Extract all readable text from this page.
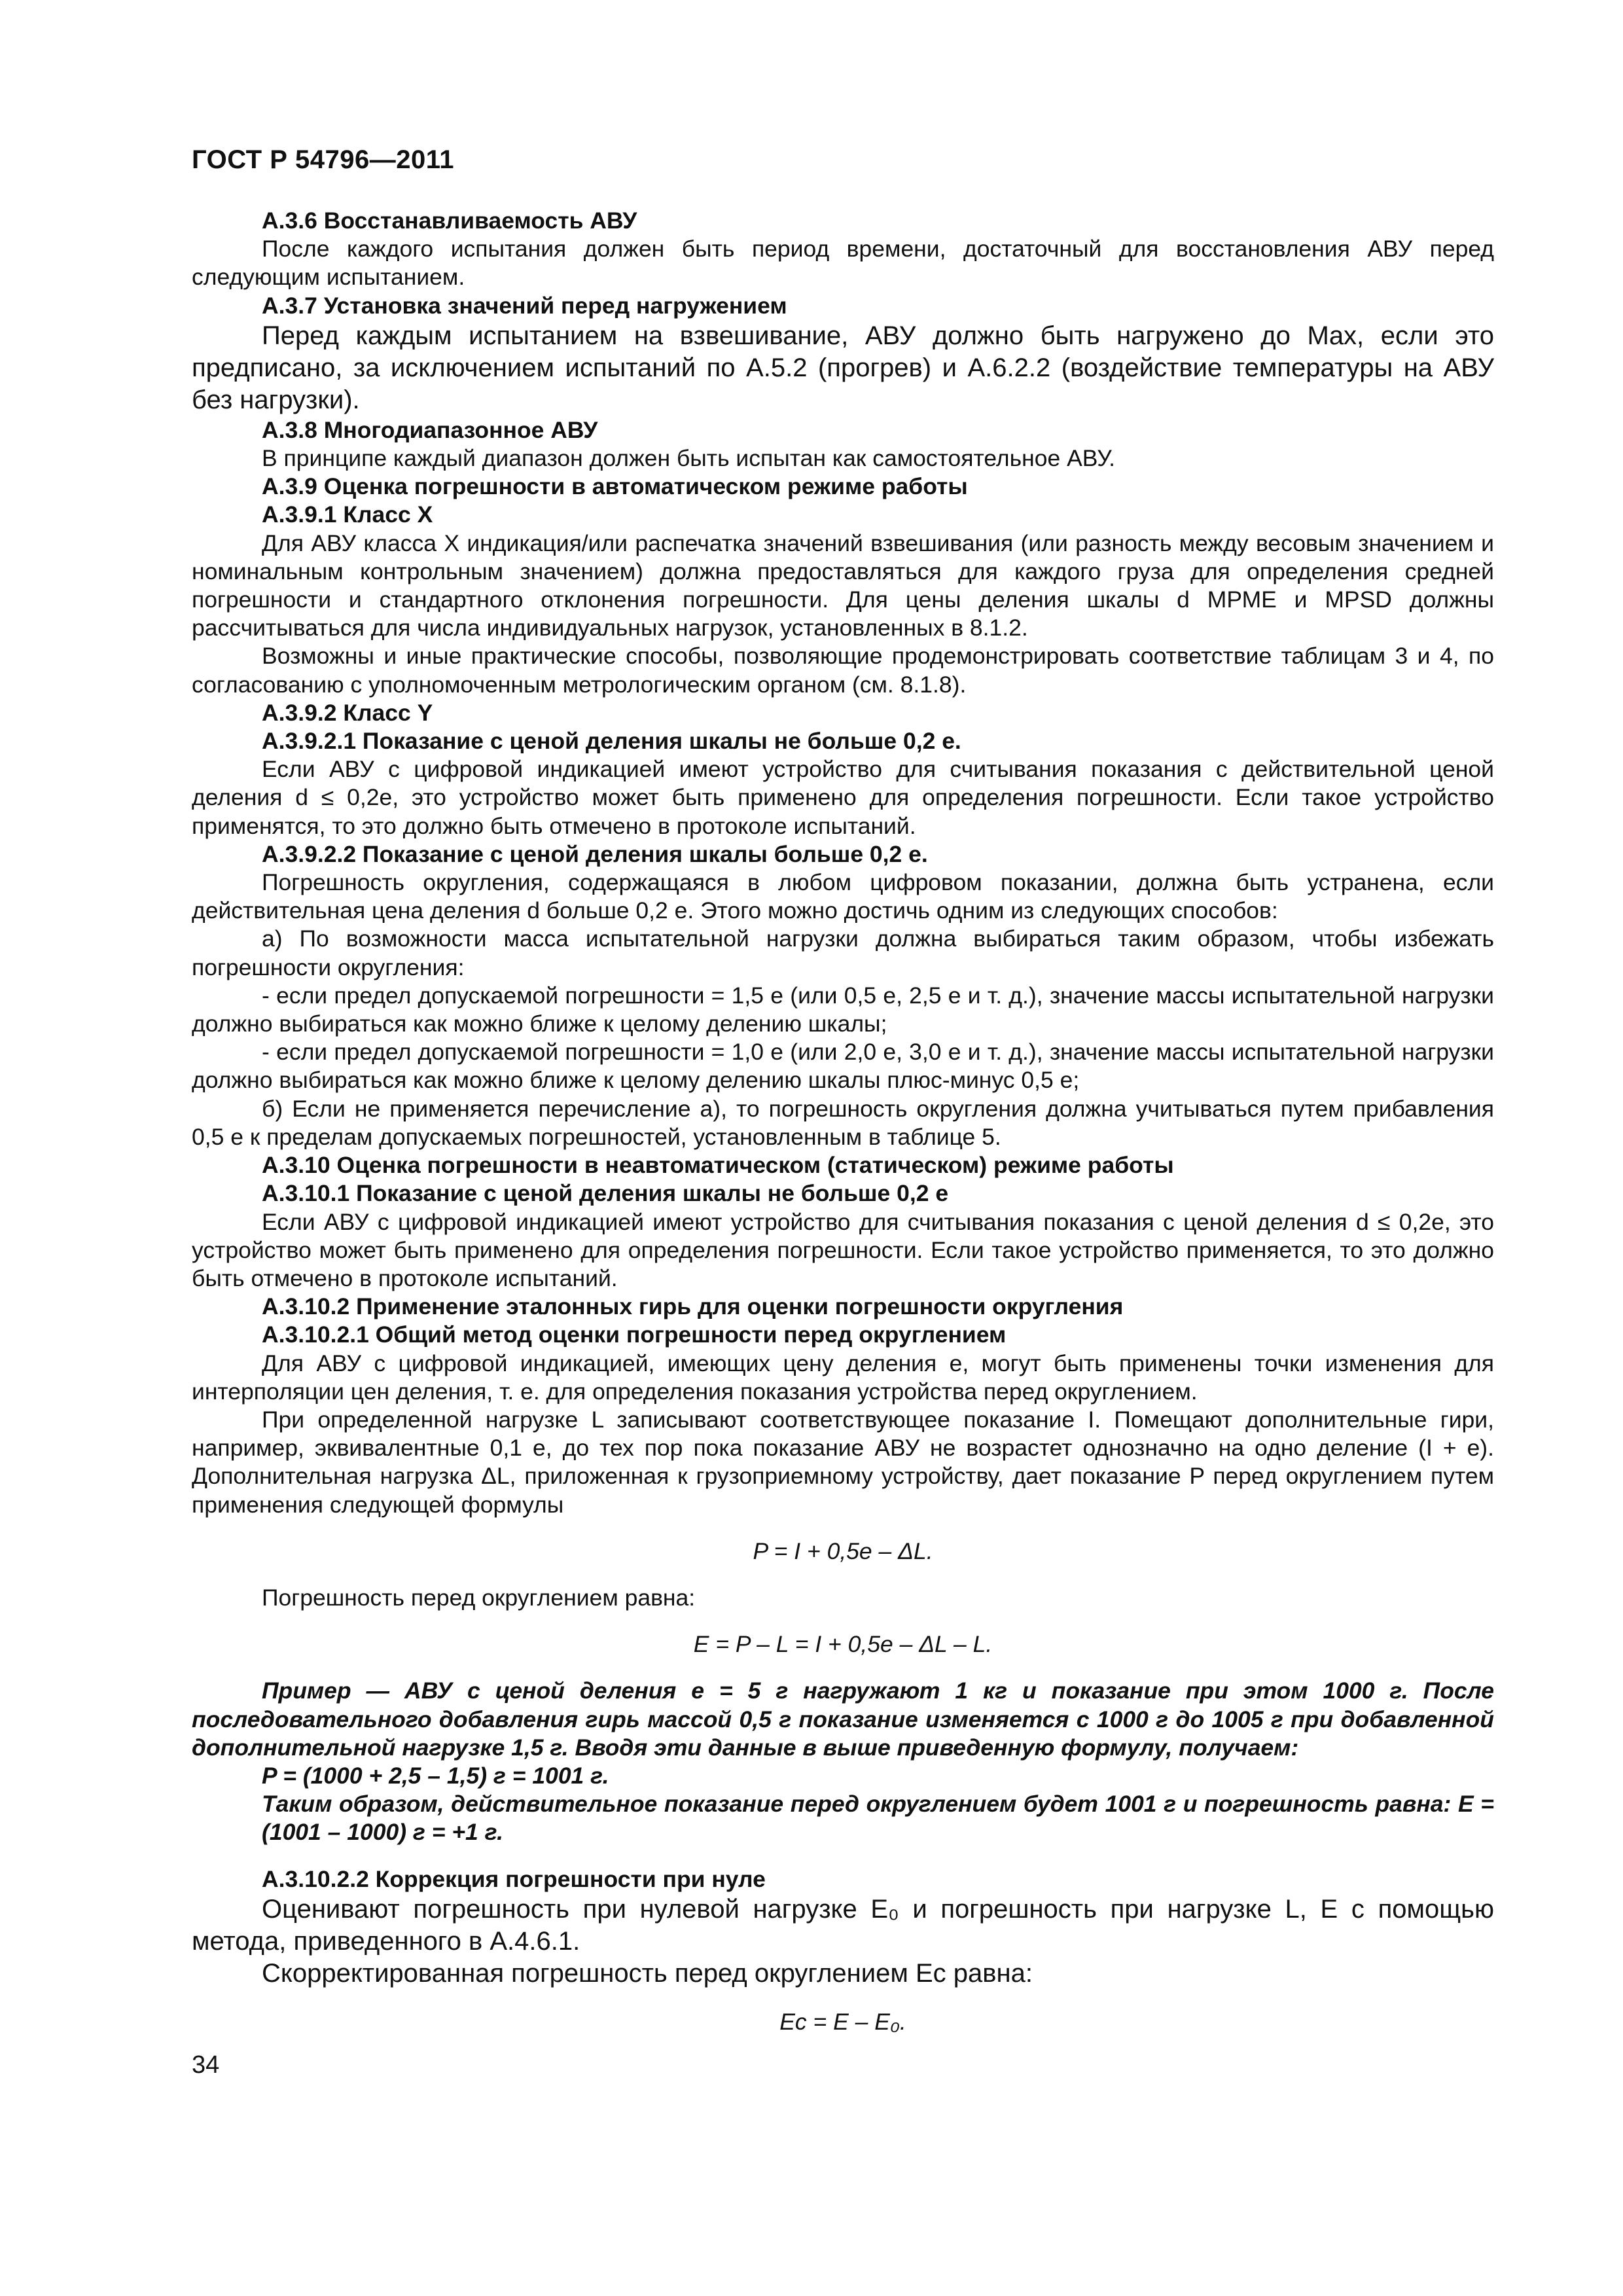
ГОСТ Р 54796—2011

А.3.6 Восстанавливаемость АВУ

После каждого испытания должен быть период времени, достаточный для восстановления АВУ перед следующим испытанием.

А.3.7 Установка значений перед нагружением

Перед каждым испытанием на взвешивание, АВУ должно быть нагружено до Max, если это предписано, за исключением испытаний по А.5.2 (прогрев) и А.6.2.2 (воздействие температуры на АВУ без нагрузки).

А.3.8 Многодиапазонное АВУ

В принципе каждый диапазон должен быть испытан как самостоятельное АВУ.

А.3.9 Оценка погрешности в автоматическом режиме работы

А.3.9.1 Класс X

Для АВУ класса X индикация/или распечатка значений взвешивания (или разность между весовым значением и номинальным контрольным значением) должна предоставляться для каждого груза для определения средней погрешности и стандартного отклонения погрешности. Для цены деления шкалы d МРМЕ и MPSD должны рассчитываться для числа индивидуальных нагрузок, установленных в 8.1.2.

Возможны и иные практические способы, позволяющие продемонстрировать соответствие таблицам 3 и 4, по согласованию с уполномоченным метрологическим органом (см. 8.1.8).

А.3.9.2 Класс Y

А.3.9.2.1 Показание с ценой деления шкалы не больше 0,2 e.

Если АВУ с цифровой индикацией имеют устройство для считывания показания с действительной ценой деления d ≤ 0,2e, это устройство может быть применено для определения погрешности. Если такое устройство применятся, то это должно быть отмечено в протоколе испытаний.

А.3.9.2.2 Показание с ценой деления шкалы больше 0,2 e.

Погрешность округления, содержащаяся в любом цифровом показании, должна быть устранена, если действительная цена деления d больше 0,2 e. Этого можно достичь одним из следующих способов:

а) По возможности масса испытательной нагрузки должна выбираться таким образом, чтобы избежать погрешности округления:

- если предел допускаемой погрешности = 1,5 e (или 0,5 e, 2,5 e и т. д.), значение массы испытательной нагрузки должно выбираться как можно ближе к целому делению шкалы;

- если предел допускаемой погрешности = 1,0 e (или 2,0 e, 3,0 e и т. д.), значение массы испытательной нагрузки должно выбираться как можно ближе к целому делению шкалы плюс-минус 0,5 e;

б) Если не применяется перечисление а), то погрешность округления должна учитываться путем прибавления 0,5 e к пределам допускаемых погрешностей, установленным в таблице 5.

А.3.10 Оценка погрешности в неавтоматическом (статическом) режиме работы

А.3.10.1 Показание с ценой деления шкалы не больше 0,2 e

Если АВУ с цифровой индикацией имеют устройство для считывания показания с ценой деления d ≤ 0,2e, это устройство может быть применено для определения погрешности. Если такое устройство применяется, то это должно быть отмечено в протоколе испытаний.

А.3.10.2 Применение эталонных гирь для оценки погрешности округления

А.3.10.2.1 Общий метод оценки погрешности перед округлением

Для АВУ с цифровой индикацией, имеющих цену деления e, могут быть применены точки изменения для интерполяции цен деления, т. е. для определения показания устройства перед округлением.

При определенной нагрузке L записывают соответствующее показание I. Помещают дополнительные гири, например, эквивалентные 0,1 e, до тех пор пока показание АВУ не возрастет однозначно на одно деление (I + e). Дополнительная нагрузка ΔL, приложенная к грузоприемному устройству, дает показание P перед округлением путем применения следующей формулы

P = I + 0,5e – ΔL.

Погрешность перед округлением равна:

E = P – L = I + 0,5e – ΔL – L.

Пример — АВУ с ценой деления e = 5 г нагружают 1 кг и показание при этом 1000 г. После последовательного добавления гирь массой 0,5 г показание изменяется с 1000 г до 1005 г при добавленной дополнительной нагрузке 1,5 г. Вводя эти данные в выше приведенную формулу, получаем:

P = (1000 + 2,5 – 1,5) г = 1001 г.

Таким образом, действительное показание перед округлением будет 1001 г и погрешность равна: E = (1001 – 1000) г = +1 г.

А.3.10.2.2 Коррекция погрешности при нуле

Оценивают погрешность при нулевой нагрузке E₀ и погрешность при нагрузке L, E с помощью метода, приведенного в А.4.6.1.

Скорректированная погрешность перед округлением Ec равна:

Ec = E – E₀.

34
